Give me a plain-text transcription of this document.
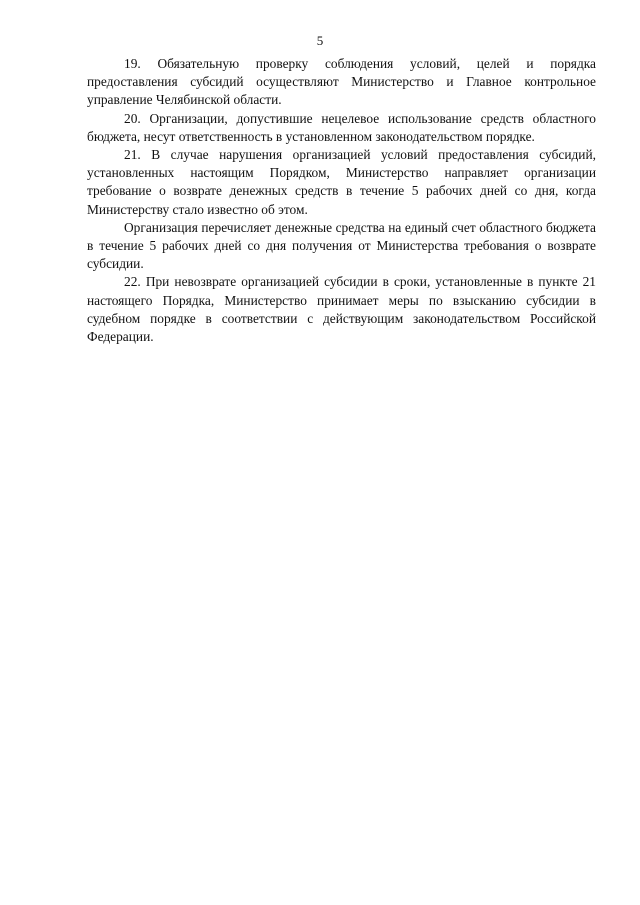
5

19. Обязательную проверку соблюдения условий, целей и порядка предоставления субсидий осуществляют Министерство и Главное контрольное управление Челябинской области.

20. Организации, допустившие нецелевое использование средств областного бюджета, несут ответственность в установленном законодательством порядке.

21. В случае нарушения организацией условий предоставления субсидий, установленных настоящим Порядком, Министерство направляет организации требование о возврате денежных средств в течение 5 рабочих дней со дня, когда Министерству стало известно об этом.

Организация перечисляет денежные средства на единый счет областного бюджета в течение 5 рабочих дней со дня получения от Министерства требования о возврате субсидии.

22. При невозврате организацией субсидии в сроки, установленные в пункте 21 настоящего Порядка, Министерство принимает меры по взысканию субсидии в судебном порядке в соответствии с действующим законодательством Российской Федерации.
